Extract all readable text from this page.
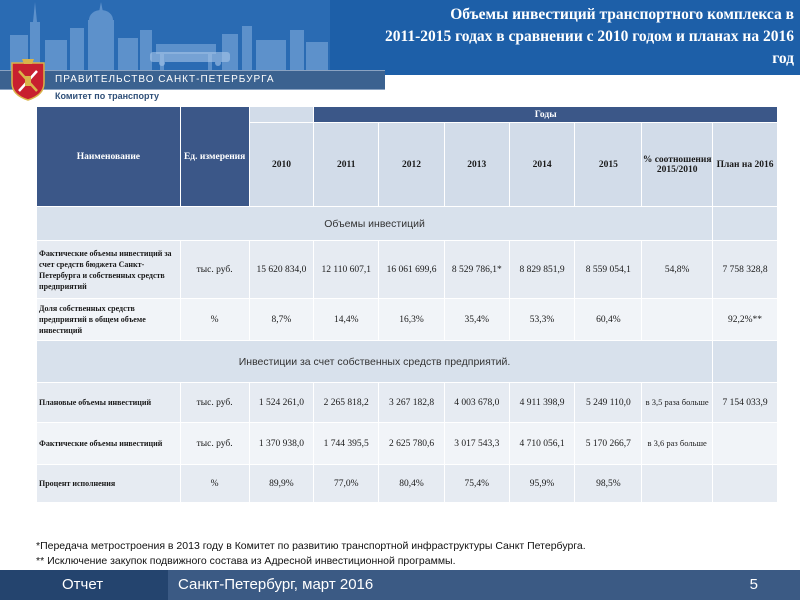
Объемы инвестиций транспортного комплекса в
2011-2015 годах в сравнении с 2010 годом и планах на 2016
год
ПРАВИТЕЛЬСТВО САНКТ-ПЕТЕРБУРГА
Комитет по транспорту
Наименование	Ед. измерения		Годы						
		2010	2011	2012	2013	2014	2015	% соотношения 2015/2010	План на 2016
Объемы инвестиций									
Фактические объемы инвестиций за счет средств бюджета Санкт-Петербурга и собственных средств предприятий	тыс. руб.	15 620 834,0	12 110 607,1	16 061 699,6	8 529 786,1*	8 829 851,9	8 559 054,1	54,8%	7 758 328,8
Доля собственных средств предприятий в общем объеме инвестиций	%	8,7%	14,4%	16,3%	35,4%	53,3%	60,4%		92,2%**
Инвестиции за счет собственных средств предприятий.									
Плановые объемы инвестиций	тыс. руб.	1 524 261,0	2 265 818,2	3 267 182,8	4 003 678,0	4 911 398,9	5 249 110,0	в 3,5 раза больше	7 154 033,9
Фактические объемы инвестиций	тыс. руб.	1 370 938,0	1 744 395,5	2 625 780,6	3 017 543,3	4 710 056,1	5 170 266,7	в 3,6 раз больше	
Процент исполнения	%	89,9%	77,0%	80,4%	75,4%	95,9%	98,5%		
*Передача метростроения в 2013 году в Комитет по развитию транспортной инфраструктуры Санкт Петербурга.
** Исключение закупок подвижного состава из Адресной инвестиционной программы.
Отчет	Санкт-Петербург, март 2016	5
